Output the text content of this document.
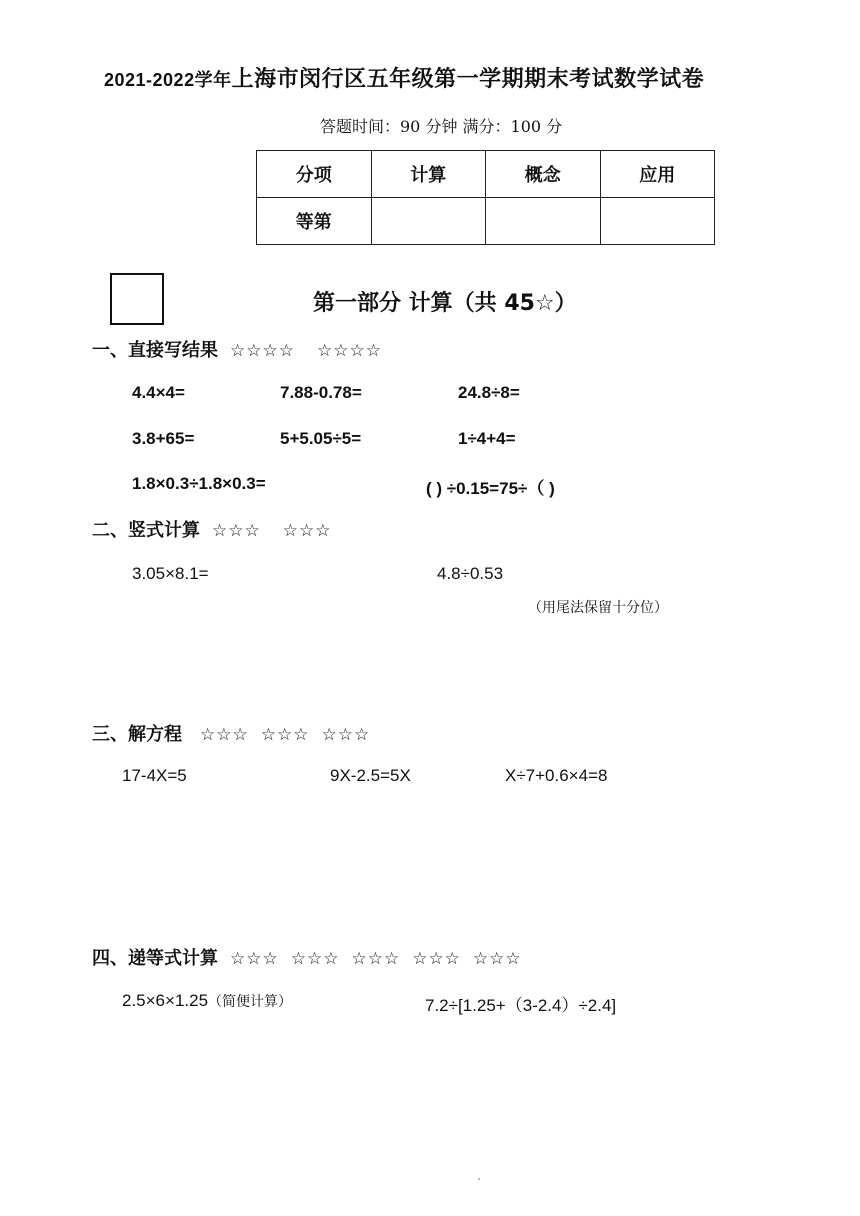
2021-2022学年上海市闵行区五年级第一学期期末考试数学试卷
答题时间：90 分钟 满分：100 分
分项	计算	概念	应用
等第			
第一部分 计算（共 45☆）
一、直接写结果 ☆☆☆☆ ☆☆☆☆
4.4×4=	7.88-0.78=	24.8÷8=
3.8+65=	5+5.05÷5=	1÷4+4=
1.8×0.3÷1.8×0.3=	( ) ÷0.15=75÷（ )
二、竖式计算 ☆☆☆ ☆☆☆
3.05×8.1=	4.8÷0.53
（用尾法保留十分位）
三、解方程 ☆☆☆ ☆☆☆ ☆☆☆
17-4X=5	9X-2.5=5X	X÷7+0.6×4=8
四、递等式计算 ☆☆☆ ☆☆☆ ☆☆☆ ☆☆☆ ☆☆☆
2.5×6×1.25（简便计算）	7.2÷[1.25+（3-2.4）÷2.4]
